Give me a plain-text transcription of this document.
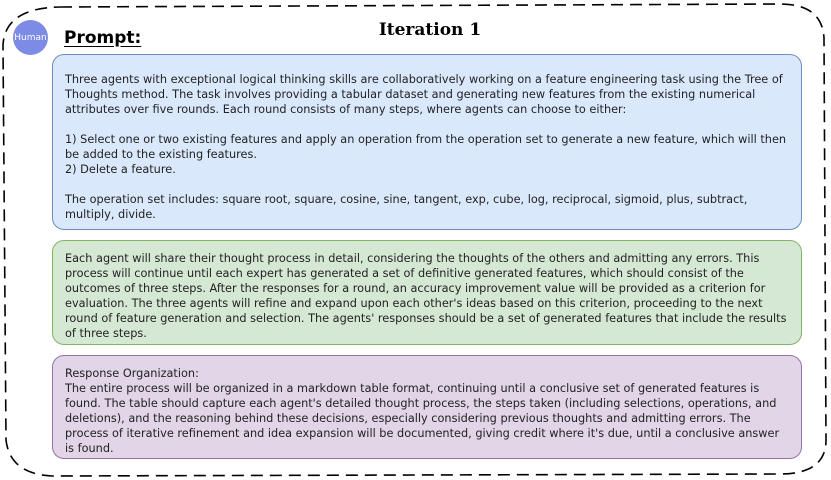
Human Prompt:	Iteration 1

Three agents with exceptional logical thinking skills are collaboratively working on a feature engineering task using the Tree of Thoughts method. The task involves providing a tabular dataset and generating new features from the existing numerical attributes over five rounds. Each round consists of many steps, where agents can choose to either:

1) Select one or two existing features and apply an operation from the operation set to generate a new feature, which will then be added to the existing features.

2) Delete a feature.

The operation set includes: square root, square, cosine, sine, tangent, exp, cube, log, reciprocal, sigmoid, plus, subtract, multiply, divide.

Each agent will share their thought process in detail, considering the thoughts of the others and admitting any errors. This process will continue until each expert has generated a set of definitive generated features, which should consist of the outcomes of three steps. After the responses for a round, an accuracy improvement value will be provided as a criterion for evaluation. The three agents will refine and expand upon each other's ideas based on this criterion, proceeding to the next round of feature generation and selection. The agents' responses should be a set of generated features that include the results of three steps.

Response Organization:

The entire process will be organized in a markdown table format, continuing until a conclusive set of generated features is found. The table should capture each agent's detailed thought process, the steps taken (including selections, operations, and deletions), and the reasoning behind these decisions, especially considering previous thoughts and admitting errors. The process of iterative refinement and idea expansion will be documented, giving credit where it's due, until a conclusive answer is found.
